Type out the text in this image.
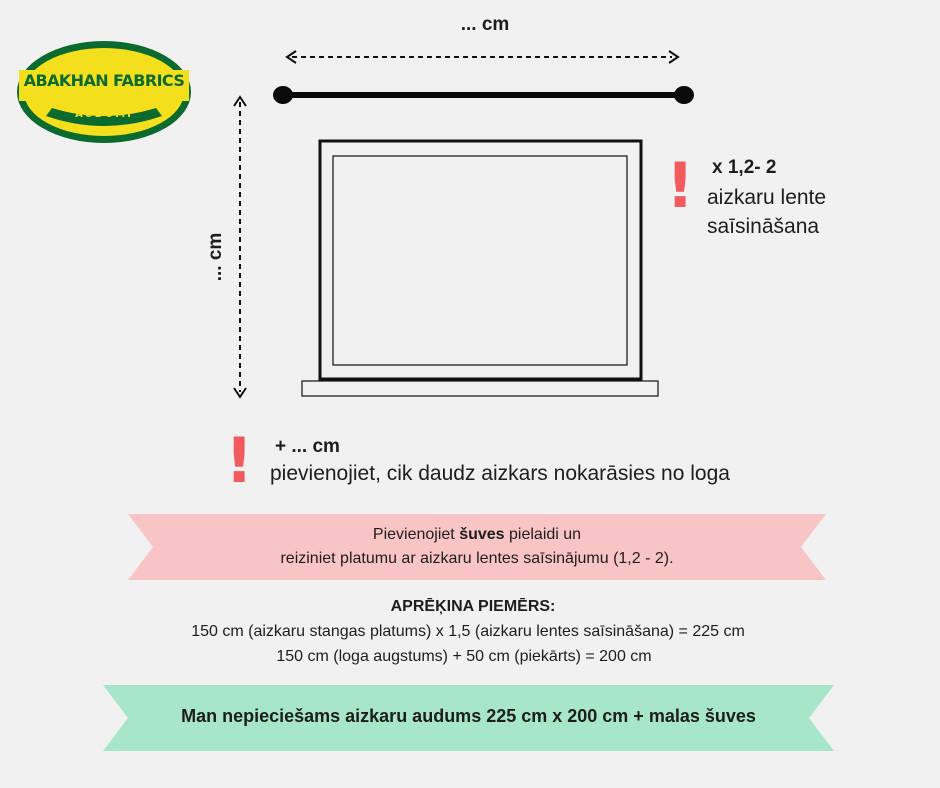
ABAKHAN FABRICS
AUDUMI
... cm
... cm
! x 1,2- 2
aizkaru lente
saīsināšana
! + ... cm
pievienojiet, cik daudz aizkars nokarāsies no loga
Pievienojiet šuves pielaidi un
reiziniet platumu ar aizkaru lentes saīsinājumu (1,2 - 2).
APRĒĶINA PIEMĒRS:
150 cm (aizkaru stangas platums) x 1,5 (aizkaru lentes saīsināšana) = 225 cm
150 cm (loga augstums) + 50 cm (piekārts) = 200 cm
Man nepieciešams aizkaru audums 225 cm x 200 cm + malas šuves
